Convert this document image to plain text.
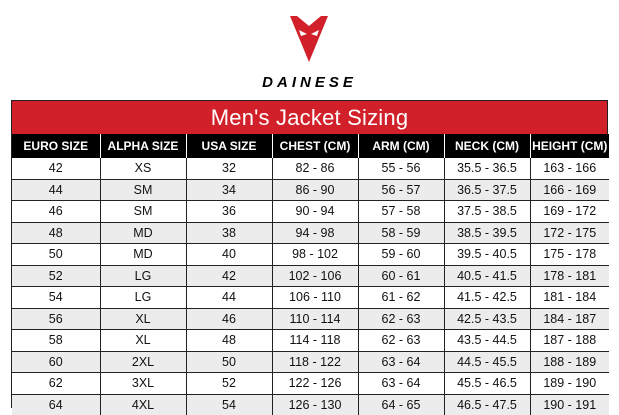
DAINESE
Men's Jacket Sizing
EURO SIZE	ALPHA SIZE	USA SIZE	CHEST (CM)	ARM (CM)	NECK (CM)	HEIGHT (CM)
42	XS	32	82 - 86	55 - 56	35.5 - 36.5	163 - 166
44	SM	34	86 - 90	56 - 57	36.5 - 37.5	166 - 169
46	SM	36	90 - 94	57 - 58	37.5 - 38.5	169 - 172
48	MD	38	94 - 98	58 - 59	38.5 - 39.5	172 - 175
50	MD	40	98 - 102	59 - 60	39.5 - 40.5	175 - 178
52	LG	42	102 - 106	60 - 61	40.5 - 41.5	178 - 181
54	LG	44	106 - 110	61 - 62	41.5 - 42.5	181 - 184
56	XL	46	110 - 114	62 - 63	42.5 - 43.5	184 - 187
58	XL	48	114 - 118	62 - 63	43.5 - 44.5	187 - 188
60	2XL	50	118 - 122	63 - 64	44.5 - 45.5	188 - 189
62	3XL	52	122 - 126	63 - 64	45.5 - 46.5	189 - 190
64	4XL	54	126 - 130	64 - 65	46.5 - 47.5	190 - 191
